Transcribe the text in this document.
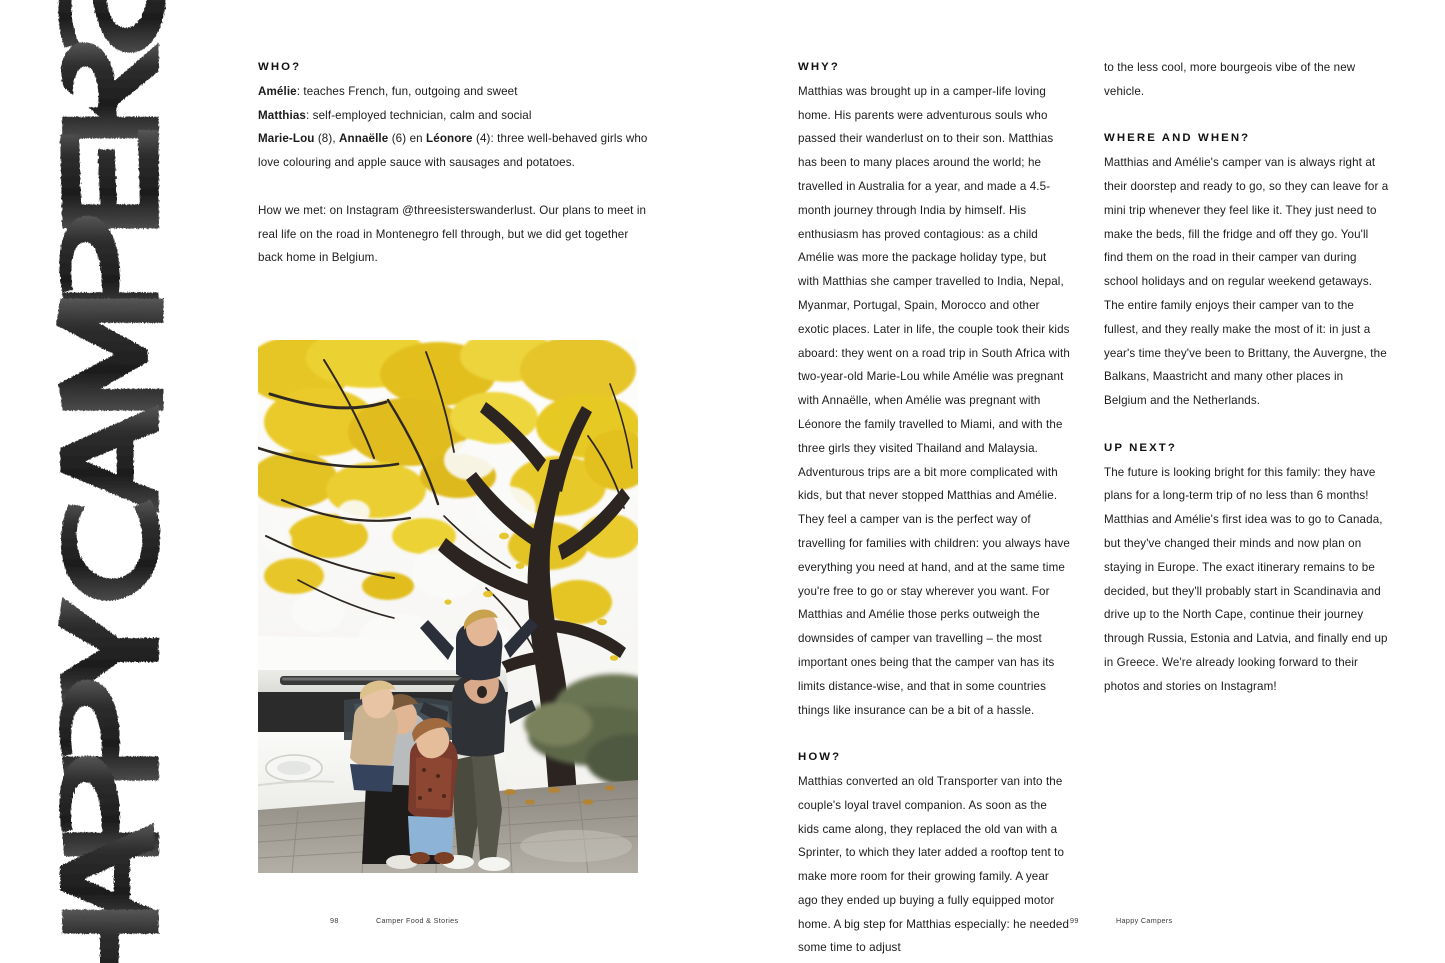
WHO?

Amélie: teaches French, fun, outgoing and sweet

Matthias: self-employed technician, calm and social

Marie-Lou (8), Annaëlle (6) en Léonore (4): three well-behaved girls who love colouring and apple sauce with sausages and potatoes.

How we met: on Instagram @threesisterswanderlust. Our plans to meet in real life on the road in Montenegro fell through, but we did get together back home in Belgium.

WHY?

Matthias was brought up in a camper-life loving home. His parents were adventurous souls who passed their wanderlust on to their son. Matthias has been to many places around the world; he travelled in Australia for a year, and made a 4.5-month journey through India by himself. His enthusiasm has proved contagious: as a child Amélie was more the package holiday type, but with Matthias she camper travelled to India, Nepal, Myanmar, Portugal, Spain, Morocco and other exotic places. Later in life, the couple took their kids aboard: they went on a road trip in South Africa with two-year-old Marie-Lou while Amélie was pregnant with Annaëlle, when Amélie was pregnant with Léonore the family travelled to Miami, and with the three girls they visited Thailand and Malaysia. Adventurous trips are a bit more complicated with kids, but that never stopped Matthias and Amélie. They feel a camper van is the perfect way of travelling for families with children: you always have everything you need at hand, and at the same time you're free to go or stay wherever you want. For Matthias and Amélie those perks outweigh the downsides of camper van travelling – the most important ones being that the camper van has its limits distance-wise, and that in some countries things like insurance can be a bit of a hassle.

HOW?

Matthias converted an old Transporter van into the couple's loyal travel companion. As soon as the kids came along, they replaced the old van with a Sprinter, to which they later added a rooftop tent to make more room for their growing family. A year ago they ended up buying a fully equipped motor home. A big step for Matthias especially: he needed some time to adjust

to the less cool, more bourgeois vibe of the new vehicle.

WHERE AND WHEN?

Matthias and Amélie's camper van is always right at their doorstep and ready to go, so they can leave for a mini trip whenever they feel like it. They just need to make the beds, fill the fridge and off they go. You'll find them on the road in their camper van during school holidays and on regular weekend getaways. The entire family enjoys their camper van to the fullest, and they really make the most of it: in just a year's time they've been to Brittany, the Auvergne, the Balkans, Maastricht and many other places in Belgium and the Netherlands.

UP NEXT?

The future is looking bright for this family: they have plans for a long-term trip of no less than 6 months! Matthias and Amélie's first idea was to go to Canada, but they've changed their minds and now plan on staying in Europe. The exact itinerary remains to be decided, but they'll probably start in Scandinavia and drive up to the North Cape, continue their journey through Russia, Estonia and Latvia, and finally end up in Greece. We're already looking forward to their photos and stories on Instagram!

98	Camper Food & Stories	99	Happy Campers
